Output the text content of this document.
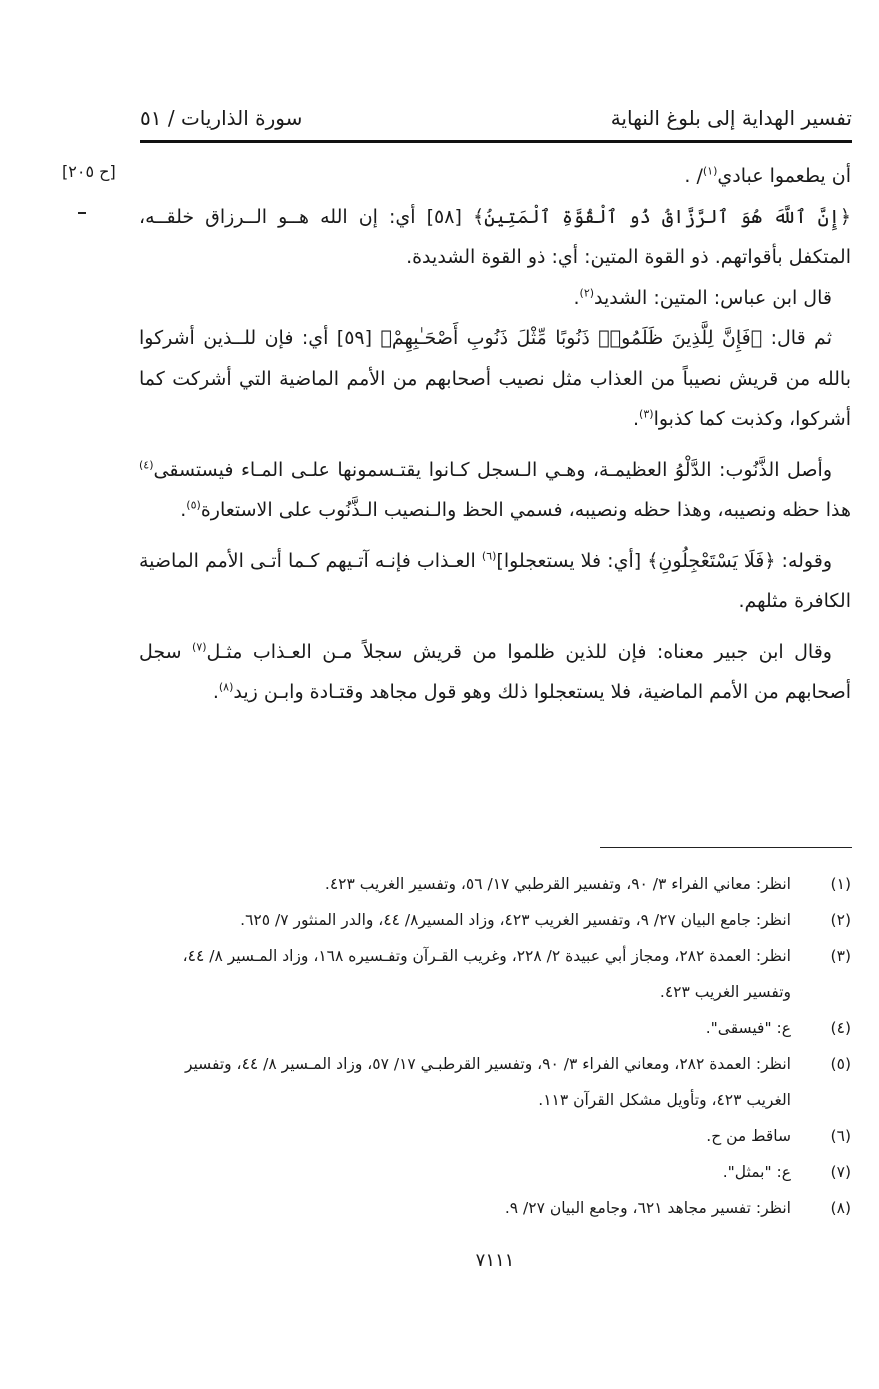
تفسير الهداية إلى بلوغ النهاية
سورة الذاريات / ٥١
[ح ٢٠٥]	أن يطعموا عبادي$^{(١)}$/ .

﴿إِنَّ ٱللَّهَ هُوَ ٱلرَّزَّاقُ ذُو ٱلْقُوَّةِ ٱلْمَتِينُ﴾ [٥٨] أي: إن الله هــو الــرزاق خلقــه، المتكفل بأقواتهم. ذو القوة المتين: أي: ذو القوة الشديدة.

 قال ابن عباس: المتين: الشديد$^{(٢)}$.

 ثم قال: ﴿فَإِنَّ لِلَّذِينَ ظَلَمُوا۟ ذَنُوبًا مِّثْلَ ذَنُوبِ أَصْحَـٰبِهِمْ﴾ [٥٩] أي: فإن للــذين أشركوا بالله من قريش نصيباً من العذاب مثل نصيب أصحابهم من الأمم الماضية التي أشركت كما أشركوا، وكذبت كما كذبوا$^{(٣)}$.

 وأصل الذَّنُوب: الدَّلْوُ العظيمـة، وهـي الـسجل كـانوا يقتـسمونها علـى المـاء فيستسقى$^{(٤)}$ هذا حظه ونصيبه، وهذا حظه ونصيبه، فسمي الحظ والـنصيب الـذَّنُوب على الاستعارة$^{(٥)}$.

 وقوله: ﴿فَلَا يَسْتَعْجِلُونِ﴾ [أي: فلا يستعجلوا]$^{(٦)}$ العـذاب فإنـه آتـيهم كـما أتـى الأمم الماضية الكافرة مثلهم.

 وقال ابن جبير معناه: فإن للذين ظلموا من قريش سجلاً مـن العـذاب مثـل$^{(٧)}$ سجل أصحابهم من الأمم الماضية، فلا يستعجلوا ذلك وهو قول مجاهد وقتـادة وابـن زيد$^{(٨)}$.

(١)
انظر: معاني الفراء ٣/ ٩٠، وتفسير القرطبي ١٧/ ٥٦، وتفسير الغريب ٤٢٣.

(٢)
انظر: جامع البيان ٢٧/ ٩، وتفسير الغريب ٤٢٣، وزاد المسير٨/ ٤٤، والدر المنثور ٧/ ٦٢٥.

(٣)
انظر: العمدة ٢٨٢، ومجاز أبي عبيدة ٢/ ٢٢٨، وغريب القـرآن وتفـسيره ١٦٨، وزاد المـسير ٨/ ٤٤، وتفسير الغريب ٤٢٣.

(٤)
ع: "فيسقى".

(٥)
انظر: العمدة ٢٨٢، ومعاني الفراء ٣/ ٩٠، وتفسير القرطبـي ١٧/ ٥٧، وزاد المـسير ٨/ ٤٤، وتفسير الغريب ٤٢٣، وتأويل مشكل القرآن ١١٣.

(٦)
ساقط من ح.

(٧)
ع: "بمثل".

(٨)
انظر: تفسير مجاهد ٦٢١، وجامع البيان ٢٧/ ٩.

٧١١١
